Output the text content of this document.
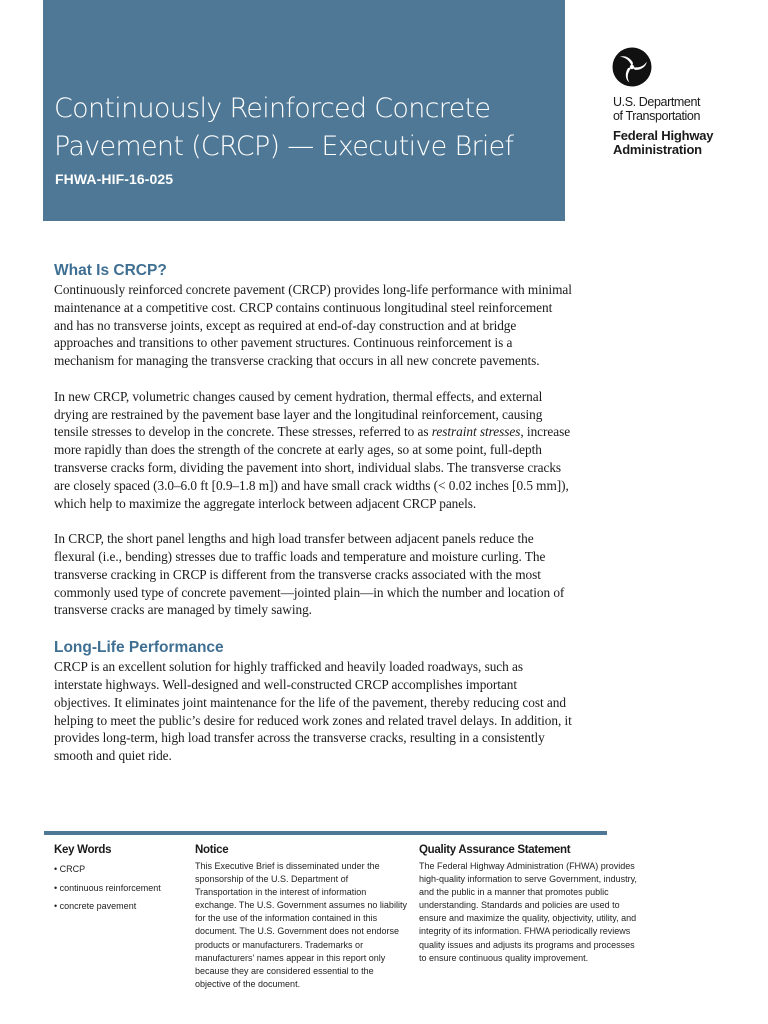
Continuously Reinforced Concrete
Pavement (CRCP) — Executive Brief
FHWA-HIF-16-025
U.S. Department
of Transportation
Federal Highway
Administration
What Is CRCP?

Continuously reinforced concrete pavement (CRCP) provides long-life performance with minimal maintenance at a competitive cost. CRCP contains continuous longitudinal steel reinforcement and has no transverse joints, except as required at end-of-day construction and at bridge approaches and transitions to other pavement structures. Continuous reinforcement is a mechanism for managing the transverse cracking that occurs in all new concrete pavements.

In new CRCP, volumetric changes caused by cement hydration, thermal effects, and external drying are restrained by the pavement base layer and the longitudinal reinforcement, causing tensile stresses to develop in the concrete. These stresses, referred to as restraint stresses, increase more rapidly than does the strength of the concrete at early ages, so at some point, full-depth transverse cracks form, dividing the pavement into short, individual slabs. The transverse cracks are closely spaced (3.0–6.0 ft [0.9–1.8 m]) and have small crack widths (< 0.02 inches [0.5 mm]), which help to maximize the aggregate interlock between adjacent CRCP panels.

In CRCP, the short panel lengths and high load transfer between adjacent panels reduce the flexural (i.e., bending) stresses due to traffic loads and temperature and moisture curling. The transverse cracking in CRCP is different from the transverse cracks associated with the most commonly used type of concrete pavement—jointed plain—in which the number and location of transverse cracks are managed by timely sawing.

Long-Life Performance

CRCP is an excellent solution for highly trafficked and heavily loaded roadways, such as interstate highways. Well-designed and well-constructed CRCP accomplishes important objectives. It eliminates joint maintenance for the life of the pavement, thereby reducing cost and helping to meet the public’s desire for reduced work zones and related travel delays. In addition, it provides long-term, high load transfer across the transverse cracks, resulting in a consistently smooth and quiet ride.

Key Words
• CRCP
• continuous reinforcement
• concrete pavement
Notice
This Executive Brief is disseminated under the sponsorship of the U.S. Department of Transportation in the interest of information exchange. The U.S. Government assumes no liability for the use of the information contained in this document. The U.S. Government does not endorse products or manufacturers. Trademarks or manufacturers’ names appear in this report only because they are considered essential to the objective of the document.
Quality Assurance Statement
The Federal Highway Administration (FHWA) provides high-quality information to serve Government, industry, and the public in a manner that promotes public understanding. Standards and policies are used to ensure and maximize the quality, objectivity, utility, and integrity of its information. FHWA periodically reviews quality issues and adjusts its programs and processes to ensure continuous quality improvement.
